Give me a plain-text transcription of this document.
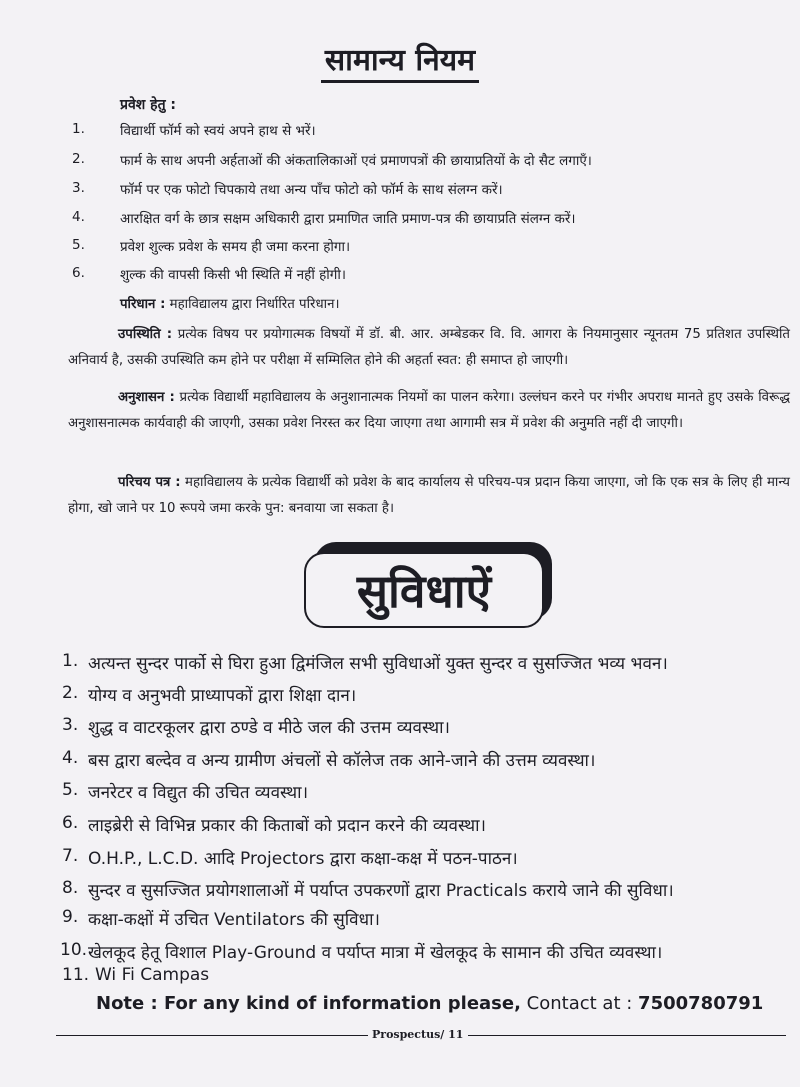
सामान्य नियम
प्रवेश हेतु :
1.	विद्यार्थी फॉर्म को स्वयं अपने हाथ से भरें।
2.	फार्म के साथ अपनी अर्हताओं की अंकतालिकाओं एवं प्रमाणपत्रों की छायाप्रतियों के दो सैट लगाएँ।
3.	फॉर्म पर एक फोटो चिपकाये तथा अन्य पाँच फोटो को फॉर्म के साथ संलग्न करें।
4.	आरक्षित वर्ग के छात्र सक्षम अधिकारी द्वारा प्रमाणित जाति प्रमाण-पत्र की छायाप्रति संलग्न करें।
5.	प्रवेश शुल्क प्रवेश के समय ही जमा करना होगा।
6.	शुल्क की वापसी किसी भी स्थिति में नहीं होगी।
परिधान : महाविद्यालय द्वारा निर्धारित परिधान।
उपस्थिति : प्रत्येक विषय पर प्रयोगात्मक विषयों में डॉ. बी. आर. अम्बेडकर वि. वि. आगरा के नियमानुसार न्यूनतम 75 प्रतिशत उपस्थिति अनिवार्य है, उसकी उपस्थिति कम होने पर परीक्षा में सम्मिलित होने की अहर्ता स्वत: ही समाप्त हो जाएगी।
अनुशासन : प्रत्येक विद्यार्थी महाविद्यालय के अनुशानात्मक नियमों का पालन करेगा। उल्लंघन करने पर गंभीर अपराध मानते हुए उसके विरूद्ध अनुशासनात्मक कार्यवाही की जाएगी, उसका प्रवेश निरस्त कर दिया जाएगा तथा आगामी सत्र में प्रवेश की अनुमति नहीं दी जाएगी।
परिचय पत्र : महाविद्यालय के प्रत्येक विद्यार्थी को प्रवेश के बाद कार्यालय से परिचय-पत्र प्रदान किया जाएगा, जो कि एक सत्र के लिए ही मान्य होगा, खो जाने पर 10 रूपये जमा करके पुन: बनवाया जा सकता है।
सुविधाऐं
1. अत्यन्त सुन्दर पार्को से घिरा हुआ द्विमंजिल सभी सुविधाओं युक्त सुन्दर व सुसज्जित भव्य भवन।
2. योग्य व अनुभवी प्राध्यापकों द्वारा शिक्षा दान।
3. शुद्ध व वाटरकूलर द्वारा ठण्डे व मीठे जल की उत्तम व्यवस्था।
4. बस द्वारा बल्देव व अन्य ग्रामीण अंचलों से कॉलेज तक आने-जाने की उत्तम व्यवस्था।
5. जनरेटर व विद्युत की उचित व्यवस्था।
6. लाइब्रेरी से विभिन्न प्रकार की किताबों को प्रदान करने की व्यवस्था।
7. O.H.P., L.C.D. आदि Projectors द्वारा कक्षा-कक्ष में पठन-पाठन।
8. सुन्दर व सुसज्जित प्रयोगशालाओं में पर्याप्त उपकरणों द्वारा Practicals कराये जाने की सुविधा।
9. कक्षा-कक्षों में उचित Ventilators की सुविधा।
10. खेलकूद हेतू विशाल Play-Ground व पर्याप्त मात्रा में खेलकूद के सामान की उचित व्यवस्था।
11. Wi Fi Campas
Note : For any kind of information please, Contact at : 7500780791
Prospectus/ 11
